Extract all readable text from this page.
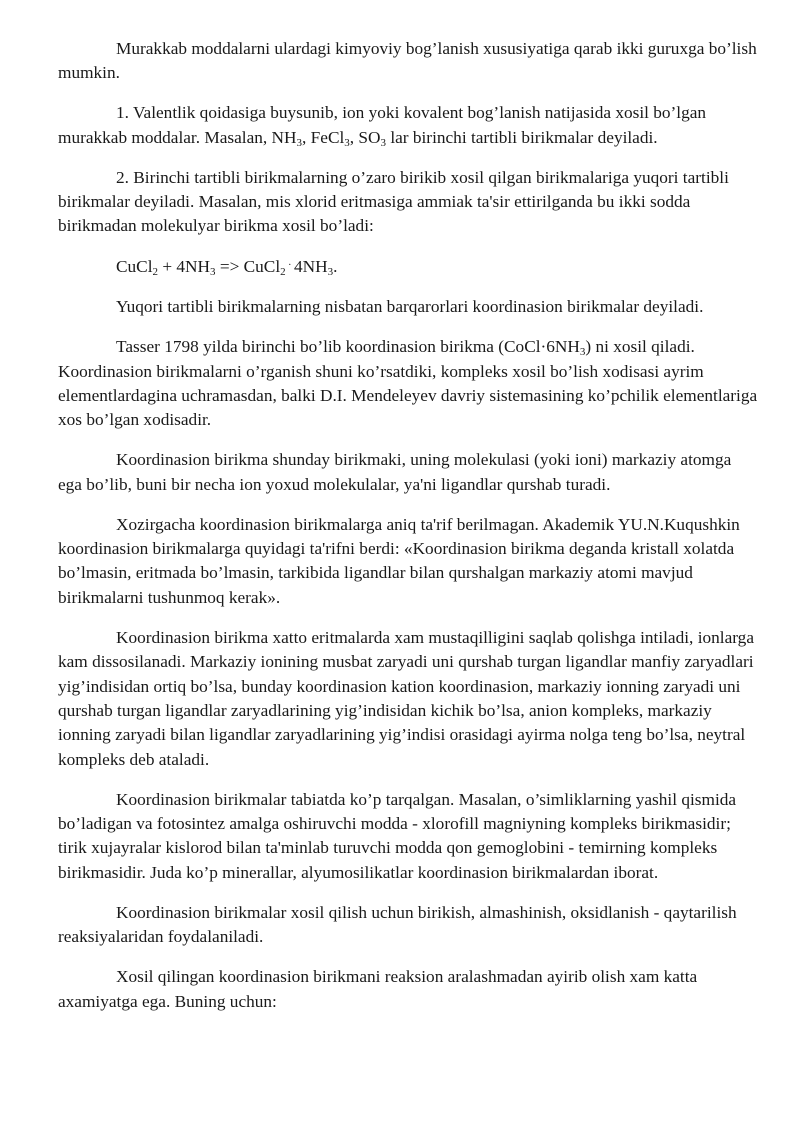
Murakkab moddalarni ulardagi kimyoviy bog’lanish xususiyatiga qarab ikki guruxga bo’lish mumkin.

1. Valentlik qoidasiga buysunib, ion yoki kovalent bog’lanish natijasida xosil bo’lgan murakkab moddalar. Masalan, $NH_3$, FeCl$_3$, $SO_3$ lar birinchi tartibli birikmalar deyiladi.

2. Birinchi tartibli birikmalarning o’zaro birikib xosil qilgan birikmalariga yuqori tartibli birikmalar deyiladi. Masalan, mis xlorid eritmasiga ammiak ta'sir ettirilganda bu ikki sodda birikmadan molekulyar birikma xosil bo’ladi:

CuCl$_2$ + $4NH_3$ => CuCl$_2$ · $4NH_3$.

Yuqori tartibli birikmalarning nisbatan barqarorlari koordinasion birikmalar deyiladi.

Tasser 1798 yilda birinchi bo’lib koordinasion birikma $(CoCl\cdot 6NH_3)$ ni xosil qiladi. Koordinasion birikmalarni o’rganish shuni ko’rsatdiki, kompleks xosil bo’lish xodisasi ayrim elementlardagina uchramasdan, balki D.I. Mendeleyev davriy sistemasining ko’pchilik elementlariga xos bo’lgan xodisadir.

Koordinasion birikma shunday birikmaki, uning molekulasi (yoki ioni) markaziy atomga ega bo’lib, buni bir necha ion yoxud molekulalar, ya'ni ligandlar qurshab turadi.

Xozirgacha koordinasion birikmalarga aniq ta'rif berilmagan. Akademik YU.N.Kuqushkin koordinasion birikmalarga quyidagi ta'rifni berdi: «Koordinasion birikma deganda kristall xolatda bo’lmasin, eritmada bo’lmasin, tarkibida ligandlar bilan qurshalgan markaziy atomi mavjud birikmalarni tushunmoq kerak».

Koordinasion birikma xatto eritmalarda xam mustaqilligini saqlab qolishga intiladi, ionlarga kam dissosilanadi. Markaziy ionining musbat zaryadi uni qurshab turgan ligandlar manfiy zaryadlari yig’indisidan ortiq bo’lsa, bunday koordinasion kation koordinasion, markaziy ionning zaryadi uni qurshab turgan ligandlar zaryadlarining yig’indisidan kichik bo’lsa, anion kompleks, markaziy ionning zaryadi bilan ligandlar zaryadlarining yig’indisi orasidagi ayirma nolga teng bo’lsa, neytral kompleks deb ataladi.

Koordinasion birikmalar tabiatda ko’p tarqalgan. Masalan, o’simliklarning yashil qismida bo’ladigan va fotosintez amalga oshiruvchi modda - xlorofill magniyning kompleks birikmasidir; tirik xujayralar kislorod bilan ta'minlab turuvchi modda qon gemoglobini - temirning kompleks birikmasidir. Juda ko’p minerallar, alyumosilikatlar koordinasion birikmalardan iborat.

Koordinasion birikmalar xosil qilish uchun birikish, almashinish, oksidlanish - qaytarilish reaksiyalaridan foydalaniladi.

Xosil qilingan koordinasion birikmani reaksion aralashmadan ayirib olish xam katta axamiyatga ega. Buning uchun:
